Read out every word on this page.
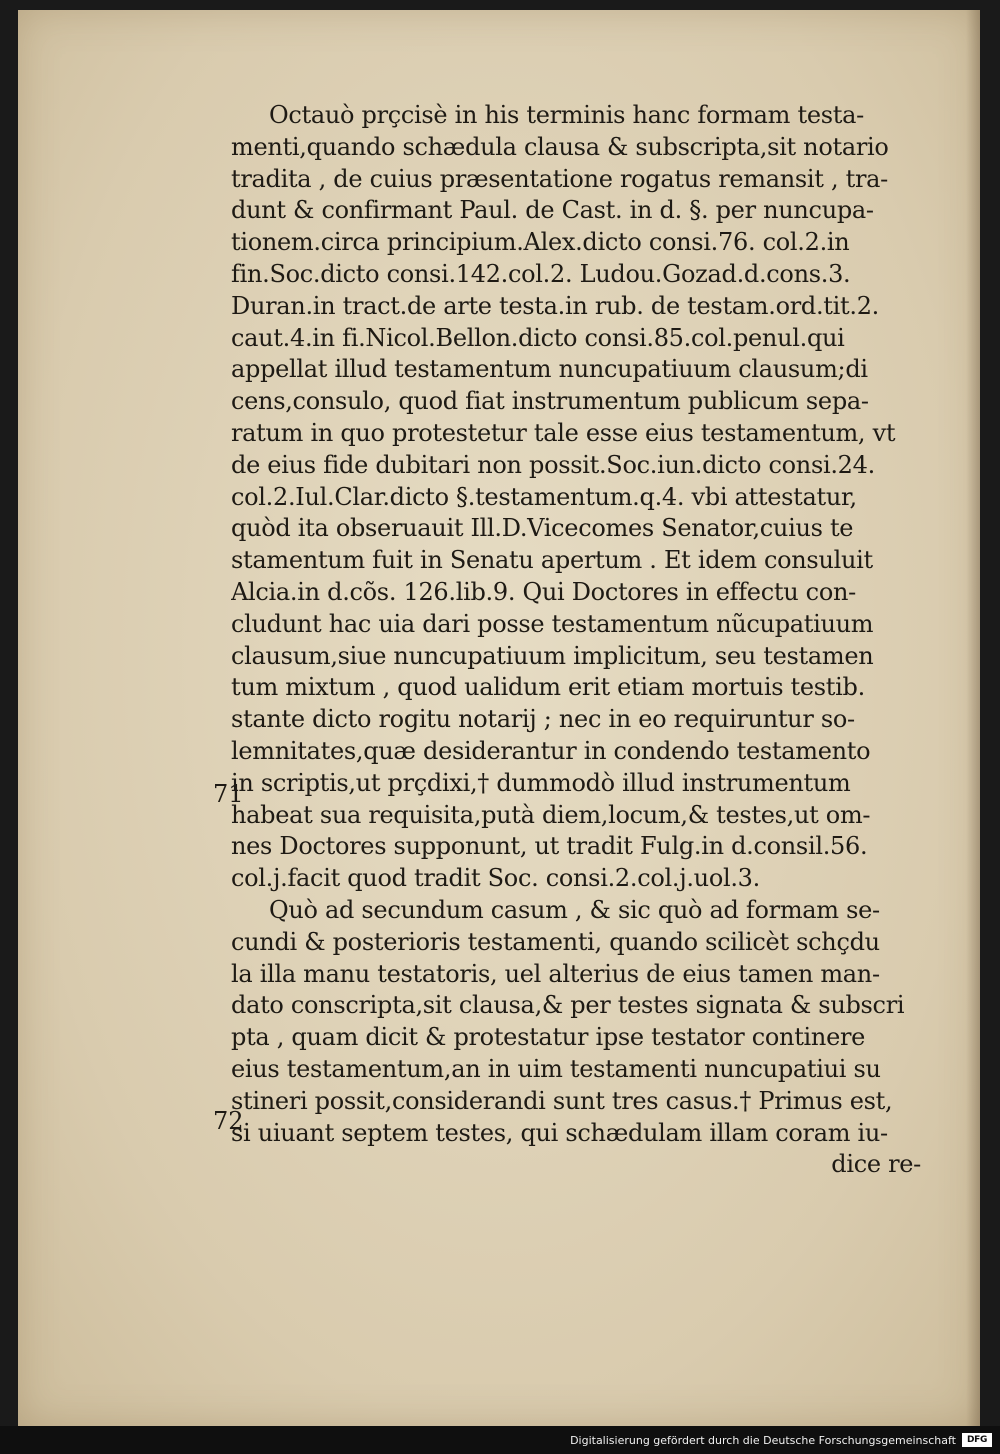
Octauò prçcisè in his terminis hanc formam testa-
menti,quando schædula clausa & subscripta,sit notario
tradita , de cuius præsentatione rogatus remansit , tra-
dunt & confirmant Paul. de Cast. in d. §. per nuncupa-
tionem.circa principium.Alex.dicto consi.76. col.2.in
fin.Soc.dicto consi.142.col.2. Ludou.Gozad.d.cons.3.
Duran.in tract.de arte testa.in rub. de testam.ord.tit.2.
caut.4.in fi.Nicol.Bellon.dicto consi.85.col.penul.qui
appellat illud testamentum nuncupatiuum clausum;di
cens,consulo, quod fiat instrumentum publicum sepa-
ratum in quo protestetur tale esse eius testamentum, vt
de eius fide dubitari non possit.Soc.iun.dicto consi.24.
col.2.Iul.Clar.dicto §.testamentum.q.4. vbi attestatur,
quòd ita obseruauit Ill.D.Vicecomes Senator,cuius te
stamentum fuit in Senatu apertum . Et idem consuluit
Alcia.in d.cõs. 126.lib.9. Qui Doctores in effectu con-
cludunt hac uia dari posse testamentum nũcupatiuum
clausum,siue nuncupatiuum implicitum, seu testamen
tum mixtum , quod ualidum erit etiam mortuis testib.
stante dicto rogitu notarij ; nec in eo requiruntur so-
lemnitates,quæ desiderantur in condendo testamento
in scriptis,ut prçdixi,† dummodò illud instrumentum
habeat sua requisita,putà diem,locum,& testes,ut om-
nes Doctores supponunt, ut tradit Fulg.in d.consil.56.
col.j.facit quod tradit Soc. consi.2.col.j.uol.3.
Quò ad secundum casum , & sic quò ad formam se-
cundi & posterioris testamenti, quando scilicèt schçdu
la illa manu testatoris, uel alterius de eius tamen man-
dato conscripta,sit clausa,& per testes signata & subscri
pta , quam dicit & protestatur ipse testator continere
eius testamentum,an in uim testamenti nuncupatiui su
stineri possit,considerandi sunt tres casus.† Primus est,
si uiuant septem testes, qui schædulam illam coram iu-
dice re-
71
72
Digitalisierung gefördert durch die Deutsche Forschungsgemeinschaft	DFG
